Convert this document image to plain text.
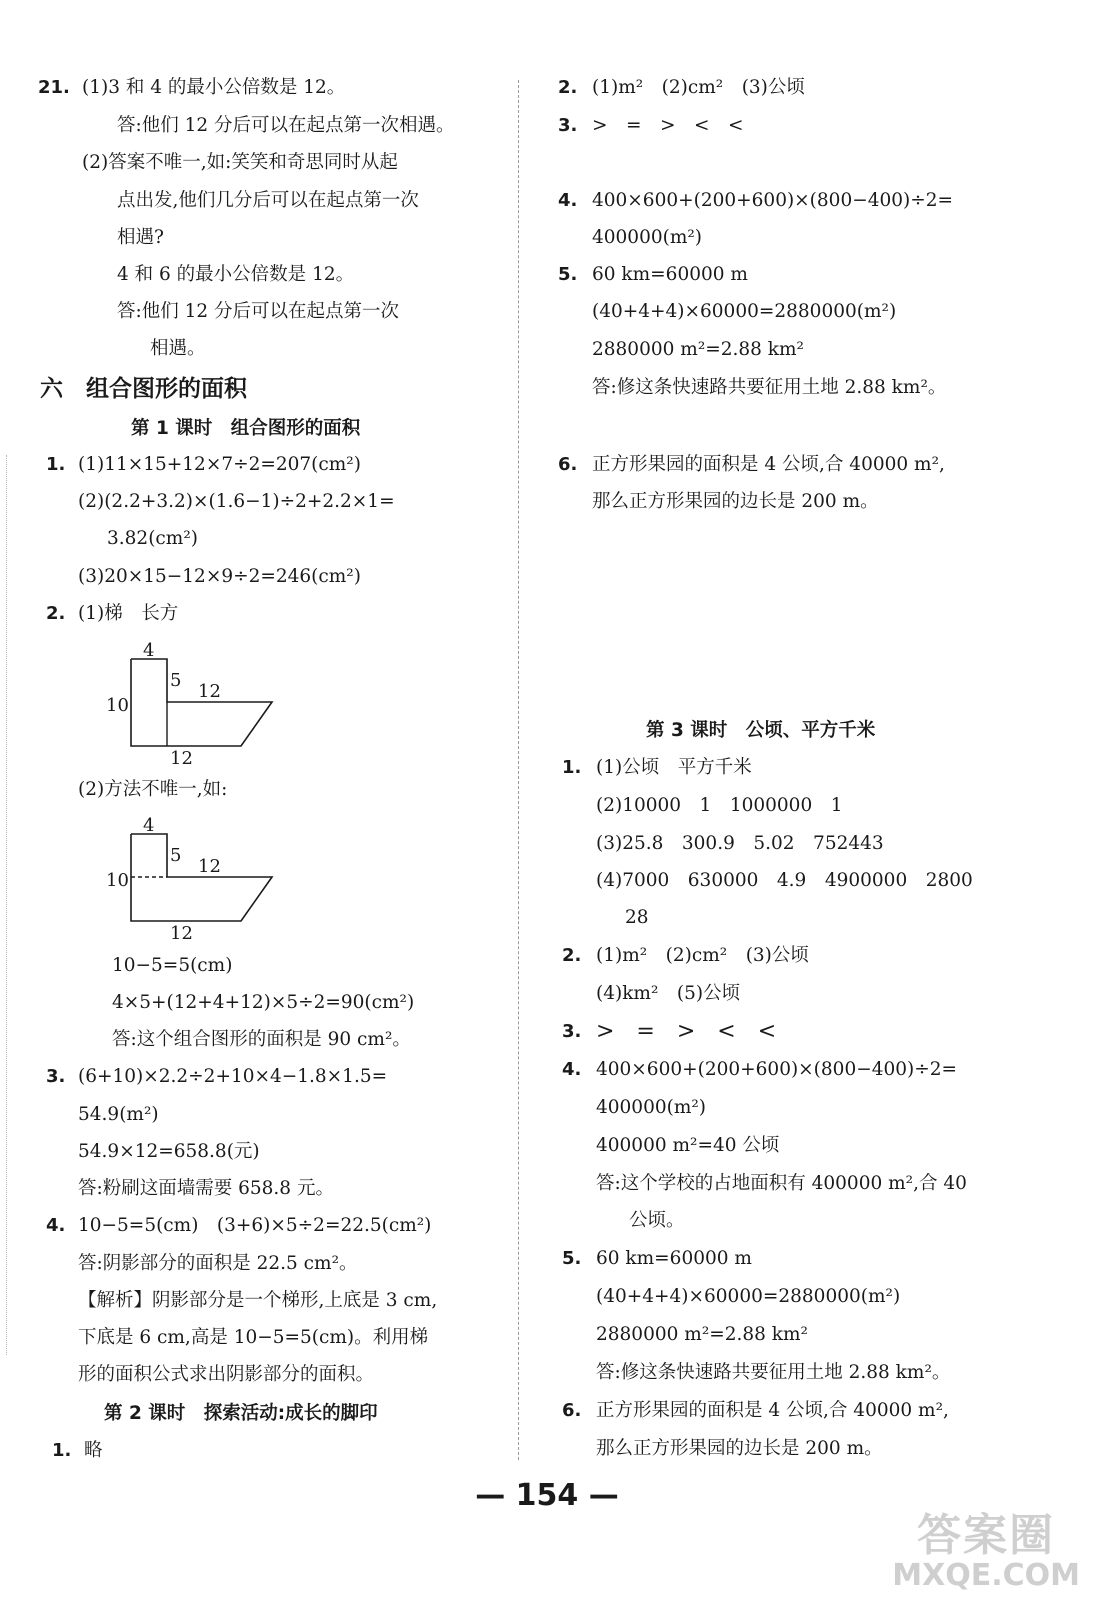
21. (1)3 和 4 的最小公倍数是 12。
答:他们 12 分后可以在起点第一次相遇。
(2)答案不唯一,如:笑笑和奇思同时从起
点出发,他们几分后可以在起点第一次
相遇?
4 和 6 的最小公倍数是 12。
答:他们 12 分后可以在起点第一次
相遇。
六　组合图形的面积
第 1 课时　组合图形的面积
1. (1)11×15+12×7÷2=207(cm²)
(2)(2.2+3.2)×(1.6−1)÷2+2.2×1=
3.82(cm²)
(3)20×15−12×9÷2=246(cm²)
2. (1)梯　长方
4
5
10
12
12
(2)方法不唯一,如:
4
5
10
12
12
10−5=5(cm)
4×5+(12+4+12)×5÷2=90(cm²)
答:这个组合图形的面积是 90 cm²。
3. (6+10)×2.2÷2+10×4−1.8×1.5=
54.9(m²)
54.9×12=658.8(元)
答:粉刷这面墙需要 658.8 元。
4. 10−5=5(cm)　(3+6)×5÷2=22.5(cm²)
答:阴影部分的面积是 22.5 cm²。
【解析】阴影部分是一个梯形,上底是 3 cm,
下底是 6 cm,高是 10−5=5(cm)。利用梯
形的面积公式求出阴影部分的面积。
第 2 课时　探索活动:成长的脚印
1. 略
2. (1)m²　(2)cm²　(3)公顷
3. >　=　>　<　<
4. 400×600+(200+600)×(800−400)÷2=
400000(m²)
5. 60 km=60000 m
(40+4+4)×60000=2880000(m²)
2880000 m²=2.88 km²
答:修这条快速路共要征用土地 2.88 km²。
6. 正方形果园的面积是 4 公顷,合 40000 m²,
那么正方形果园的边长是 200 m。
第 3 课时　公顷、平方千米
1. (1)公顷　平方千米
(2)10000　1　1000000　1
(3)25.8　300.9　5.02　752443
(4)7000　630000　4.9　4900000　2800
28
2. (1)m²　(2)cm²　(3)公顷
(4)km²　(5)公顷
3. >　=　>　<　<
4. 400×600+(200+600)×(800−400)÷2=
400000(m²)
400000 m²=40 公顷
答:这个学校的占地面积有 400000 m²,合 40
公顷。
5. 60 km=60000 m
(40+4+4)×60000=2880000(m²)
2880000 m²=2.88 km²
答:修这条快速路共要征用土地 2.88 km²。
6. 正方形果园的面积是 4 公顷,合 40000 m²,
那么正方形果园的边长是 200 m。
— 154 —
答案圈
MXQE.COM
